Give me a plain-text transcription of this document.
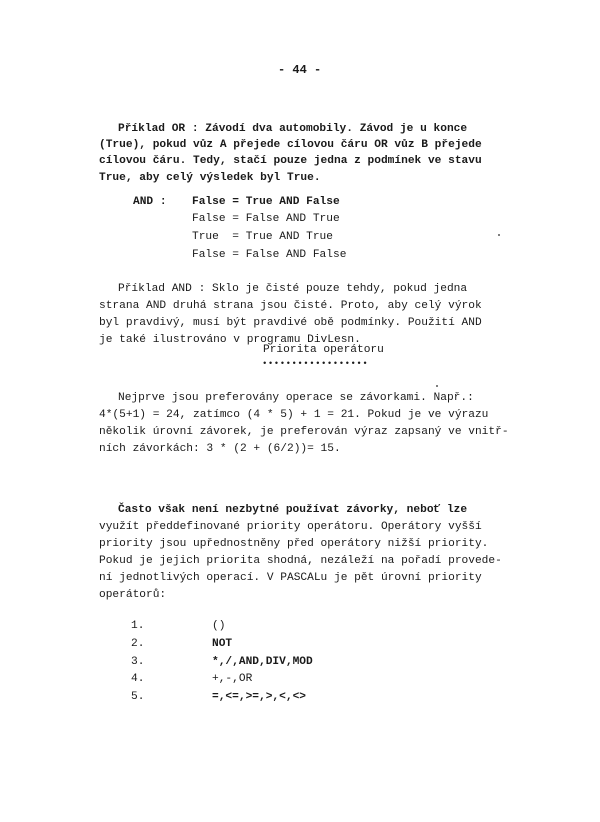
- 44 -
Příklad OR : Závodí dva automobily. Závod je u konce
(True), pokud vůz A přejede cílovou čáru OR vůz B přejede
cílovou čáru. Tedy, stačí pouze jedna z podmínek ve stavu
True, aby celý výsledek byl True.
AND : False = True AND False
False = False AND True
True  = True AND True
False = False AND False
Příklad AND : Sklo je čisté pouze tehdy, pokud jedna
strana AND druhá strana jsou čisté. Proto, aby celý výrok
byl pravdivý, musí být pravdivé obě podmínky. Použití AND
je také ilustrováno v programu DivLesn.
Priorita operátoru
••••••••••••••••••
Nejprve jsou preferovány operace se závorkami. Např.:
4*(5+1) = 24, zatímco (4 * 5) + 1 = 21. Pokud je ve výrazu
několik úrovní závorek, je preferován výraz zapsaný ve vnitř-
ních závorkách: 3 * (2 + (6/2))= 15.
Často však není nezbytné používat závorky, neboť lze
využít předdefinované priority operátoru. Operátory vyšší
priority jsou upřednostněny před operátory nižší priority.
Pokud je jejich priorita shodná, nezáleží na pořadí provede-
ní jednotlivých operací. V PASCALu je pět úrovní priority
operátorů:
1.	()
2.	NOT
3.	*,/,AND,DIV,MOD
4.	+,-,OR
5.	=,<=,>=,>,<,<>
